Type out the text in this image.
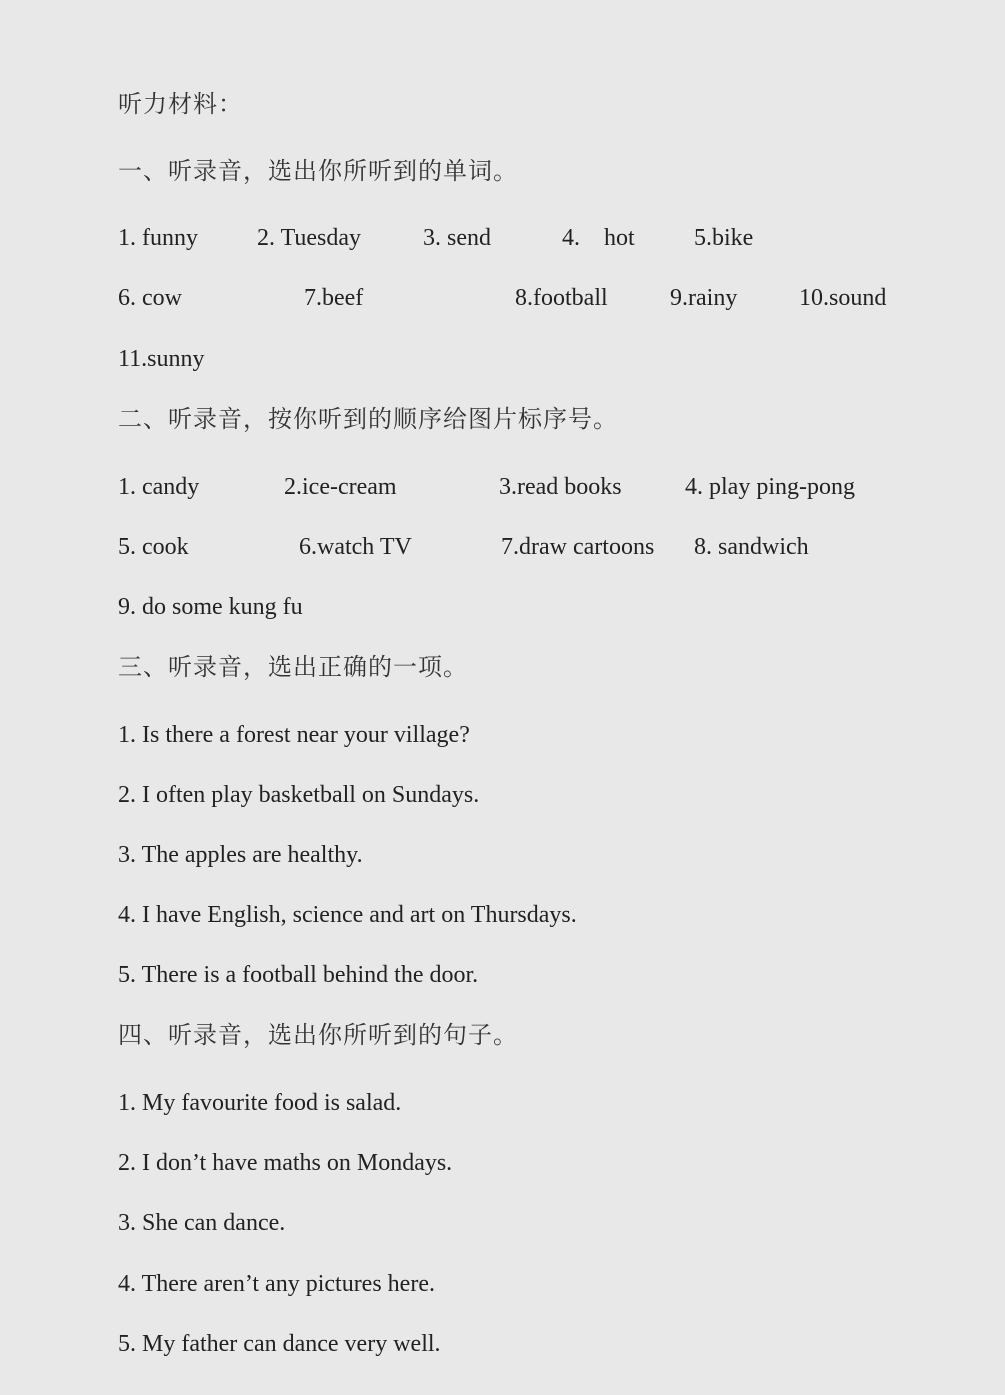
听力材料：
一、听录音，选出你所听到的单词。
1. funny 2. Tuesday	3. send	4.　hot 5.bike
6. cow	7.beef	8.football	9.rainy	10.sound
11.sunny
二、听录音，按你听到的顺序给图片标序号。
1. candy	2.ice-cream	3.read books	4. play ping-pong
5. cook	6.watch TV	7.draw cartoons 8. sandwich
9. do some kung fu
三、听录音，选出正确的一项。
1. Is there a forest near your village?
2. I often play basketball on Sundays.
3. The apples are healthy.
4. I have English, science and art on Thursdays.
5. There is a football behind the door.
四、听录音，选出你所听到的句子。
1. My favourite food is salad.
2. I don’t have maths on Mondays.
3. She can dance.
4. There aren’t any pictures here.
5. My father can dance very well.
